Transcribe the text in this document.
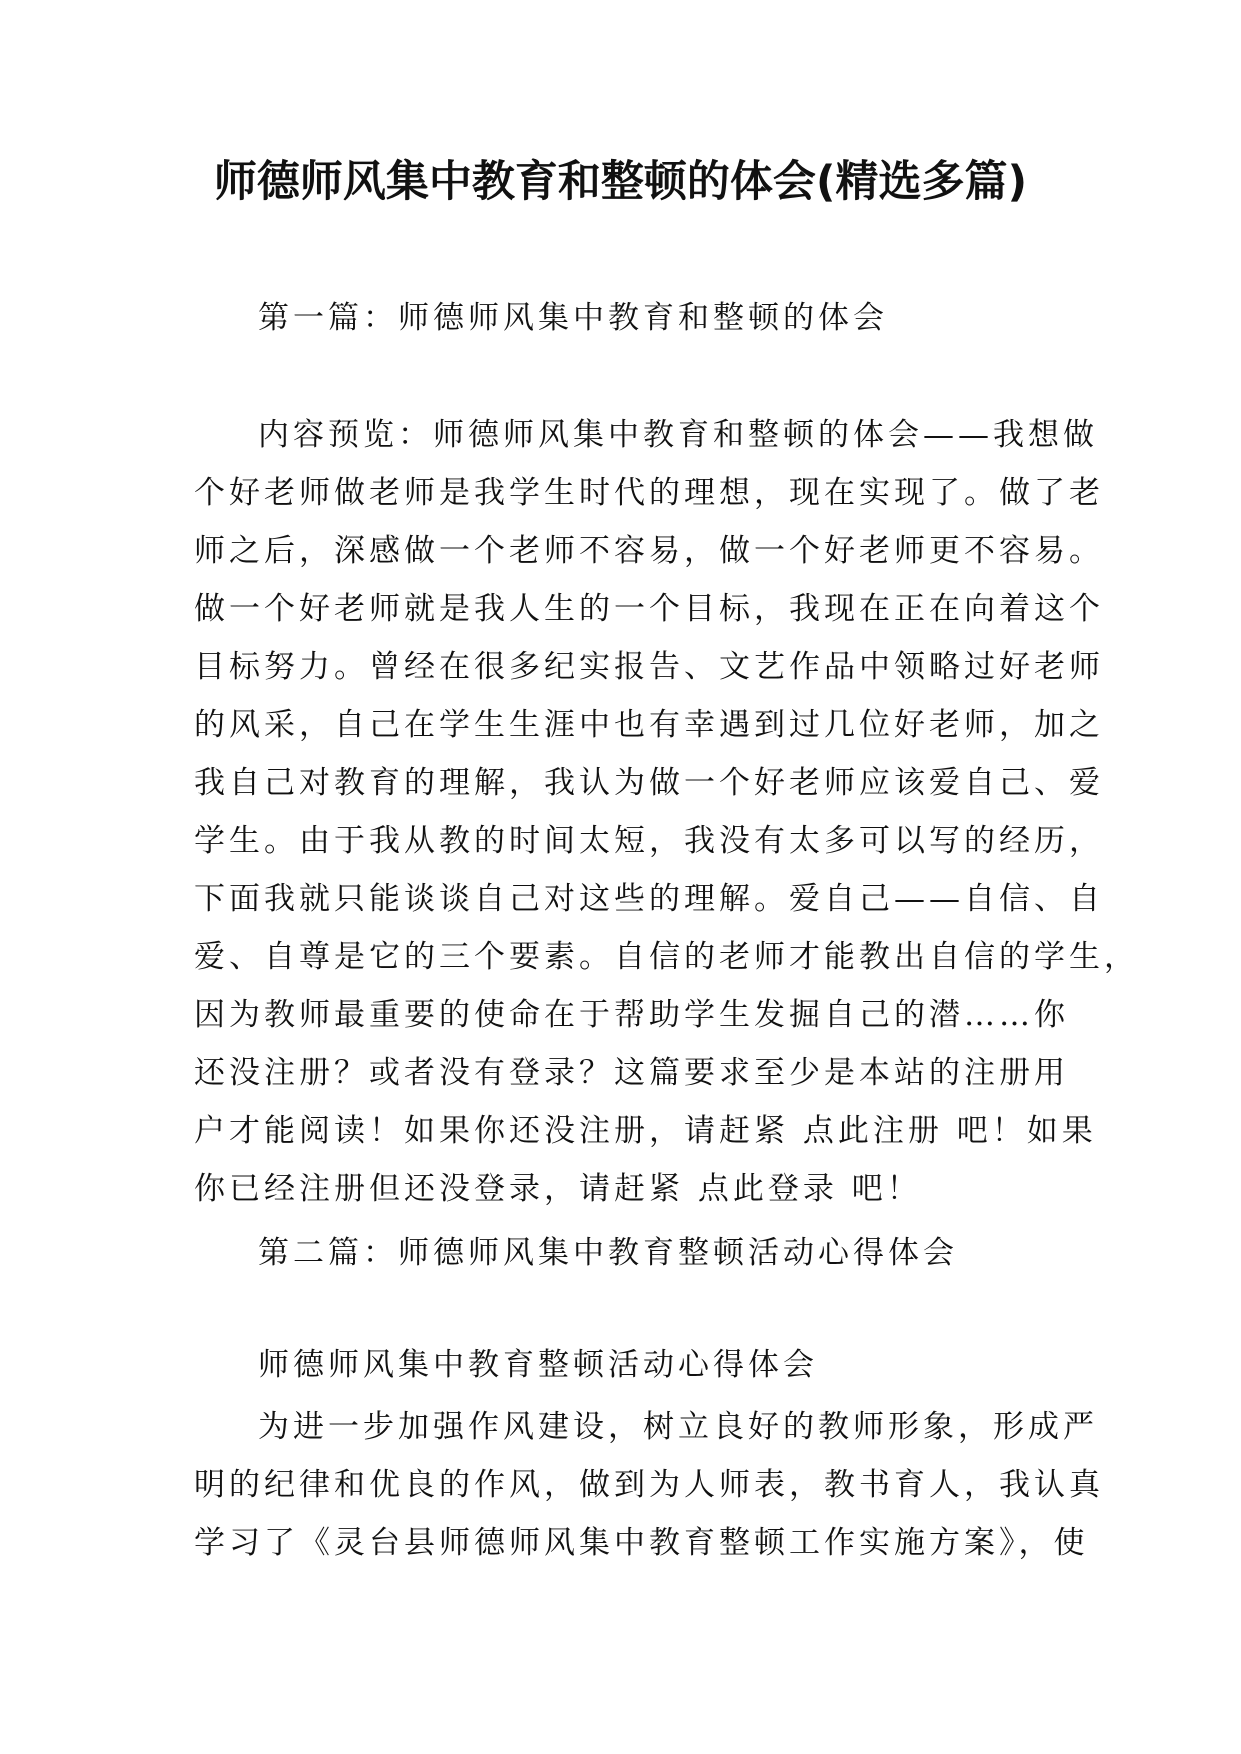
师德师风集中教育和整顿的体会(精选多篇)

第一篇：师德师风集中教育和整顿的体会

内容预览：师德师风集中教育和整顿的体会——我想做
个好老师做老师是我学生时代的理想，现在实现了。做了老
师之后，深感做一个老师不容易，做一个好老师更不容易。
做一个好老师就是我人生的一个目标，我现在正在向着这个
目标努力。曾经在很多纪实报告、文艺作品中领略过好老师
的风采，自己在学生生涯中也有幸遇到过几位好老师，加之
我自己对教育的理解，我认为做一个好老师应该爱自己、爱
学生。由于我从教的时间太短，我没有太多可以写的经历，
下面我就只能谈谈自己对这些的理解。爱自己——自信、自
爱、自尊是它的三个要素。自信的老师才能教出自信的学生，
因为教师最重要的使命在于帮助学生发掘自己的潜……你
还没注册？或者没有登录？这篇要求至少是本站的注册用
户才能阅读！如果你还没注册，请赶紧 点此注册 吧！如果
你已经注册但还没登录，请赶紧 点此登录 吧！

第二篇：师德师风集中教育整顿活动心得体会

师德师风集中教育整顿活动心得体会

为进一步加强作风建设，树立良好的教师形象，形成严
明的纪律和优良的作风，做到为人师表，教书育人，我认真
学习了《灵台县师德师风集中教育整顿工作实施方案》，使
